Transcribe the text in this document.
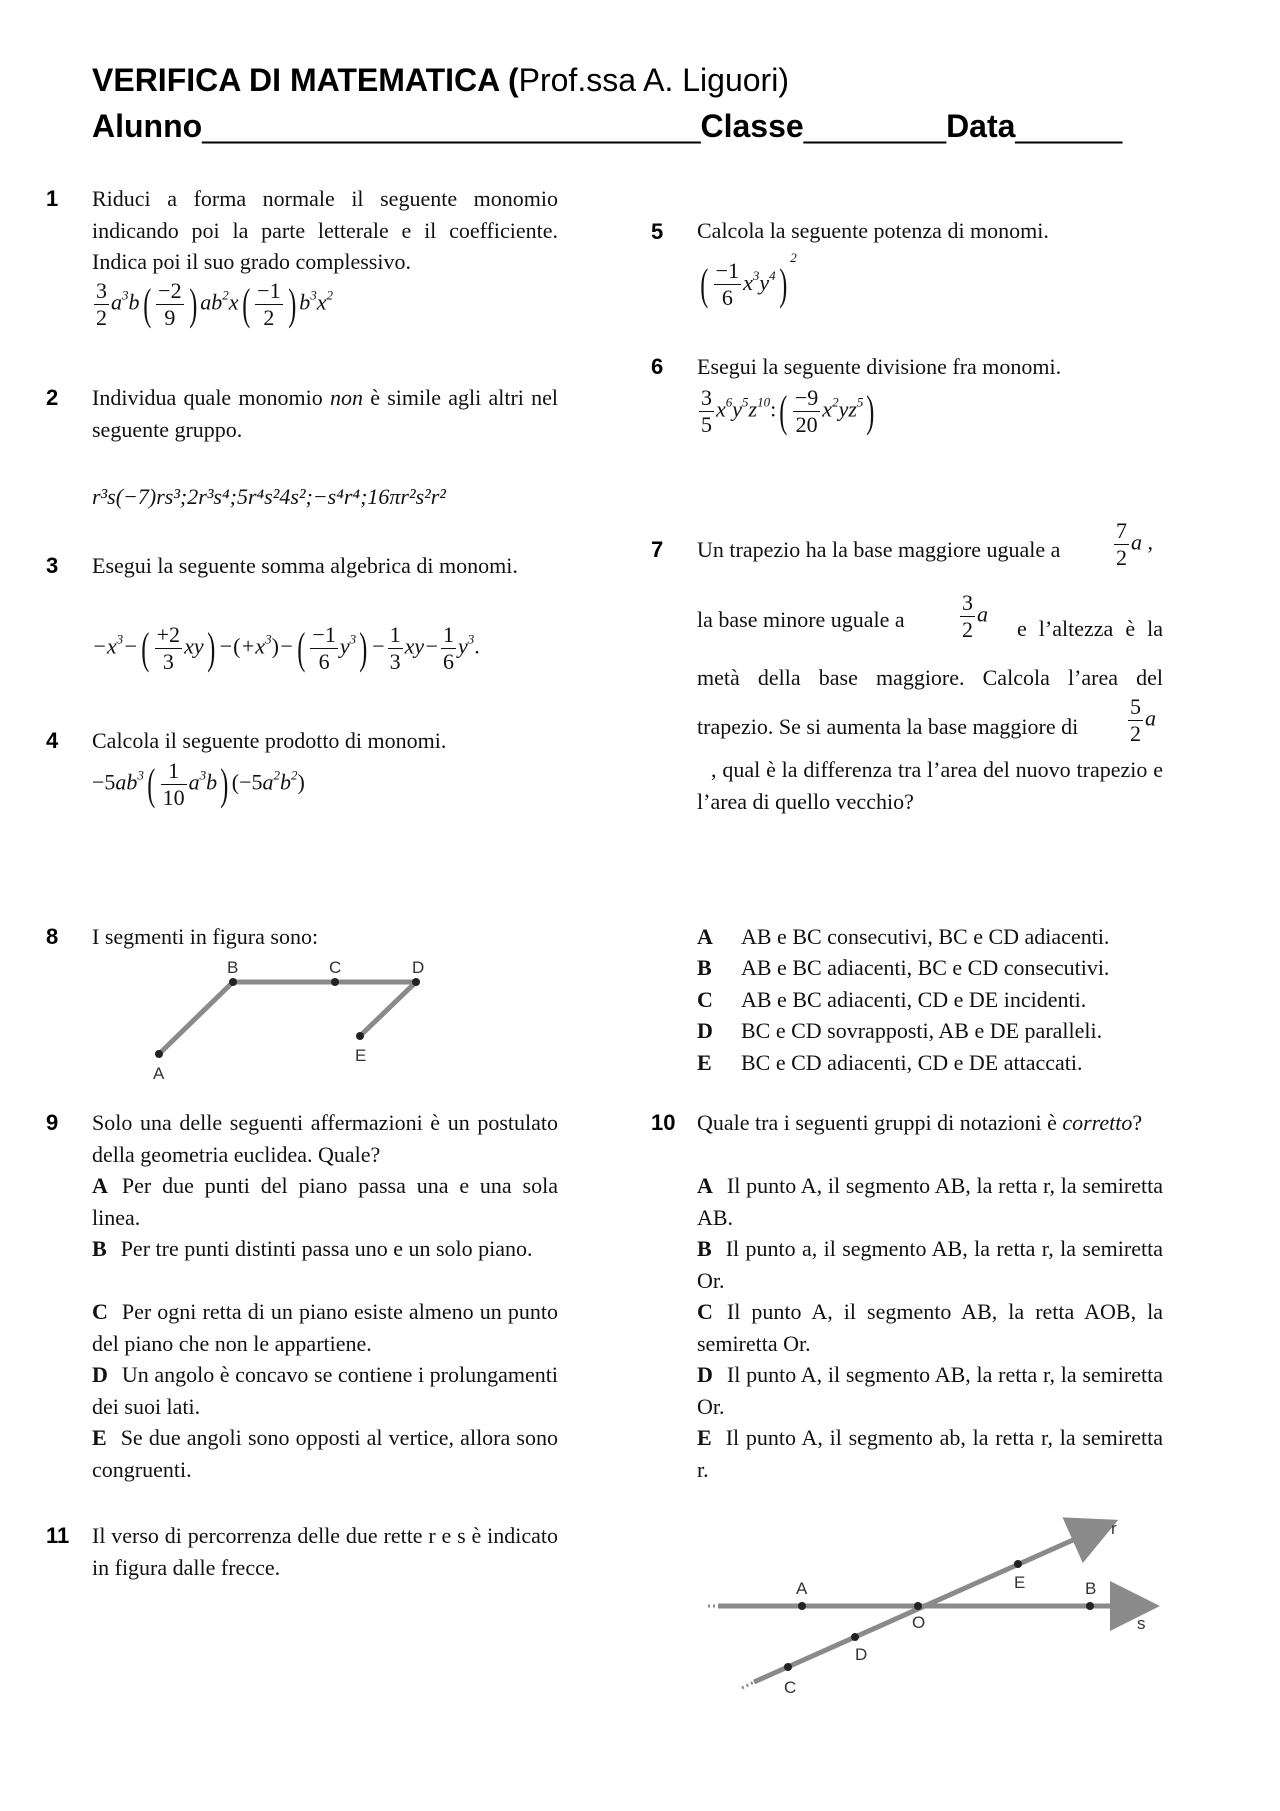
VERIFICA DI MATEMATICA (Prof.ssa A. Liguori)
Alunno____________________________Classe________Data______
1 Riduci a forma normale il seguente monomio indicando poi la parte letterale e il coefficiente. Indica poi il suo grado complessivo.
$\frac{3}{2} a^3b( \frac{-2}{9}$ ) $ab^2x( \frac{-1}{2}$ ) $b^3x^2$
2 Individua quale monomio non è simile agli altri nel seguente gruppo.
r³s(−7)rs³;2r³s⁴;5r⁴s²4s²;−s⁴r⁴;16πr²s²r²
3 Esegui la seguente somma algebrica di monomi.
$-x^3-( \frac{+2}{3} xy) -(+x^3)-( \frac{-1}{6} y^3) - \frac{1}{3} xy- \frac{1}{6} y^3$.
4 Calcola il seguente prodotto di monomi.
$-5ab^3( \frac{1}{10} a^3b)$ $(-5a^2b^2)$
5 Calcola la seguente potenza di monomi.
( $\frac{-1}{6} x^3y^4)^2$
6 Esegui la seguente divisione fra monomi.
$\frac{3}{5}$ $x^6y^5z^{10}:( \frac{-9}{20} x^2yz^5)$
7 Un trapezio ha la base maggiore uguale a $\frac{7}{2}$ a ,
la base minore uguale a	$\frac{3}{2}$ a
e l’altezza è la metà della base maggiore. Calcola l’area del trapezio. Se si aumenta la base maggiore di	$\frac{5}{2}$ a
, qual è la differenza tra l’area del nuovo trapezio e l’area di quello vecchio?
8 I segmenti in figura sono:
A
B	C	D
E
A AB e BC consecutivi, BC e CD adiacenti.
B AB e BC adiacenti, BC e CD consecutivi.
C AB e BC adiacenti, CD e DE incidenti.
D BC e CD sovrapposti, AB e DE paralleli.
E BC e CD adiacenti, CD e DE attaccati.
9 Solo una delle seguenti affermazioni è un postulato della geometria euclidea. Quale?
A Per due punti del piano passa una e una sola linea.
B Per tre punti distinti passa uno e un solo piano.
C Per ogni retta di un piano esiste almeno un punto del piano che non le appartiene.
D Un angolo è concavo se contiene i prolungamenti dei suoi lati.
E Se due angoli sono opposti al vertice, allora sono congruenti.
10 Quale tra i seguenti gruppi di notazioni è corretto?
A Il punto A, il segmento AB, la retta r, la semiretta AB.
B Il punto a, il segmento AB, la retta r, la semiretta Or.
C Il punto A, il segmento AB, la retta AOB, la semiretta Or.
D Il punto A, il segmento AB, la retta r, la semiretta Or.
E Il punto A, il segmento ab, la retta r, la semiretta r.
11 Il verso di percorrenza delle due rette r e s è indicato in figura dalle frecce.
A	B
C
D
E
O
r
s
